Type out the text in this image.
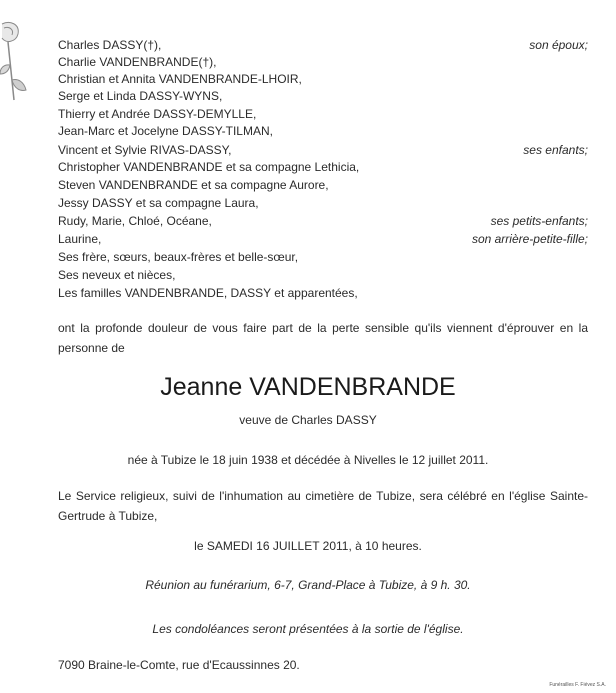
Charles DASSY(†),	son époux;
Charlie VANDENBRANDE(†),
Christian et Annita VANDENBRANDE-LHOIR,
Serge et Linda DASSY-WYNS,
Thierry et Andrée DASSY-DEMYLLE,
Jean-Marc et Jocelyne DASSY-TILMAN,
Vincent et Sylvie RIVAS-DASSY,	ses enfants;
Christopher VANDENBRANDE et sa compagne Lethicia,
Steven VANDENBRANDE et sa compagne Aurore,
Jessy DASSY et sa compagne Laura,
Rudy, Marie, Chloé, Océane,	ses petits-enfants;
Laurine,	son arrière-petite-fille;
Ses frère, sœurs, beaux-frères et belle-sœur,
Ses neveux et nièces,
Les familles VANDENBRANDE, DASSY et apparentées,
ont la profonde douleur de vous faire part de la perte sensible qu'ils viennent d'éprouver en la personne de
Jeanne VANDENBRANDE
veuve de Charles DASSY
née à Tubize le 18 juin 1938 et décédée à Nivelles le 12 juillet 2011.
Le Service religieux, suivi de l'inhumation au cimetière de Tubize, sera célébré en l'église Sainte-Gertrude à Tubize,
le SAMEDI 16 JUILLET 2011, à 10 heures.
Réunion au funérarium, 6-7, Grand-Place à Tubize, à 9 h. 30.
Les condoléances seront présentées à la sortie de l'église.
7090 Braine-le-Comte, rue d'Ecaussinnes 20.
Funérailles F. Fiévez S.A.
